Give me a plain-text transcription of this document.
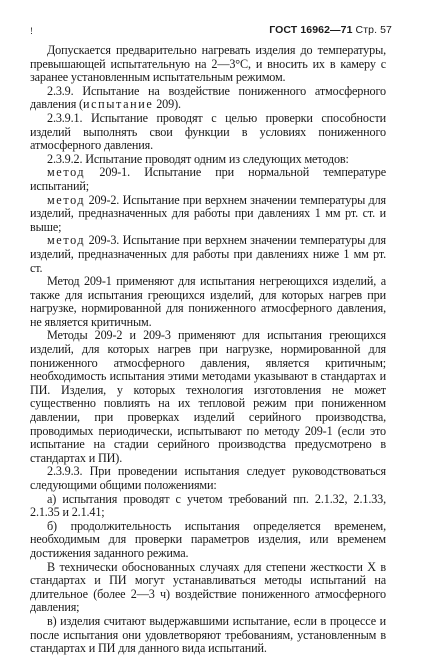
!	ГОСТ 16962—71 Стр. 57

Допускается предварительно нагревать изделия до температуры, превышающей испытательную на 2—3°С, и вносить их в камеру с заранее установленным испытательным режимом.

2.3.9. Испытание на воздействие пониженного атмосферного давления (испытание 209).

2.3.9.1. Испытание проводят с целью проверки способности изделий выполнять свои функции в условиях пониженного атмосферного давления.

2.3.9.2. Испытание проводят одним из следующих методов:

метод 209-1. Испытание при нормальной температуре испытаний;

метод 209-2. Испытание при верхнем значении температуры для изделий, предназначенных для работы при давлениях 1 мм рт. ст. и выше;

метод 209-3. Испытание при верхнем значении температуры для изделий, предназначенных для работы при давлениях ниже 1 мм рт. ст.

Метод 209-1 применяют для испытания негреющихся изделий, а также для испытания греющихся изделий, для которых нагрев при нагрузке, нормированной для пониженного атмосферного давления, не является критичным.

Методы 209-2 и 209-3 применяют для испытания греющихся изделий, для которых нагрев при нагрузке, нормированной для пониженного атмосферного давления, является критичным; необходимость испытания этими методами указывают в стандартах и ПИ. Изделия, у которых технология изготовления не может существенно повлиять на их тепловой режим при пониженном давлении, при проверках изделий серийного производства, проводимых периодически, испытывают по методу 209-1 (если это испытание на стадии серийного производства предусмотрено в стандартах и ПИ).

2.3.9.3. При проведении испытания следует руководствоваться следующими общими положениями:

а) испытания проводят с учетом требований пп. 2.1.32, 2.1.33, 2.1.35 и 2.1.41;

б) продолжительность испытания определяется временем, необходимым для проверки параметров изделия, или временем достижения заданного режима.

В технически обоснованных случаях для степени жесткости Х в стандартах и ПИ могут устанавливаться методы испытаний на длительное (более 2—3 ч) воздействие пониженного атмосферного давления;

в) изделия считают выдержавшими испытание, если в процессе и после испытания они удовлетворяют требованиям, установленным в стандартах и ПИ для данного вида испытаний.
